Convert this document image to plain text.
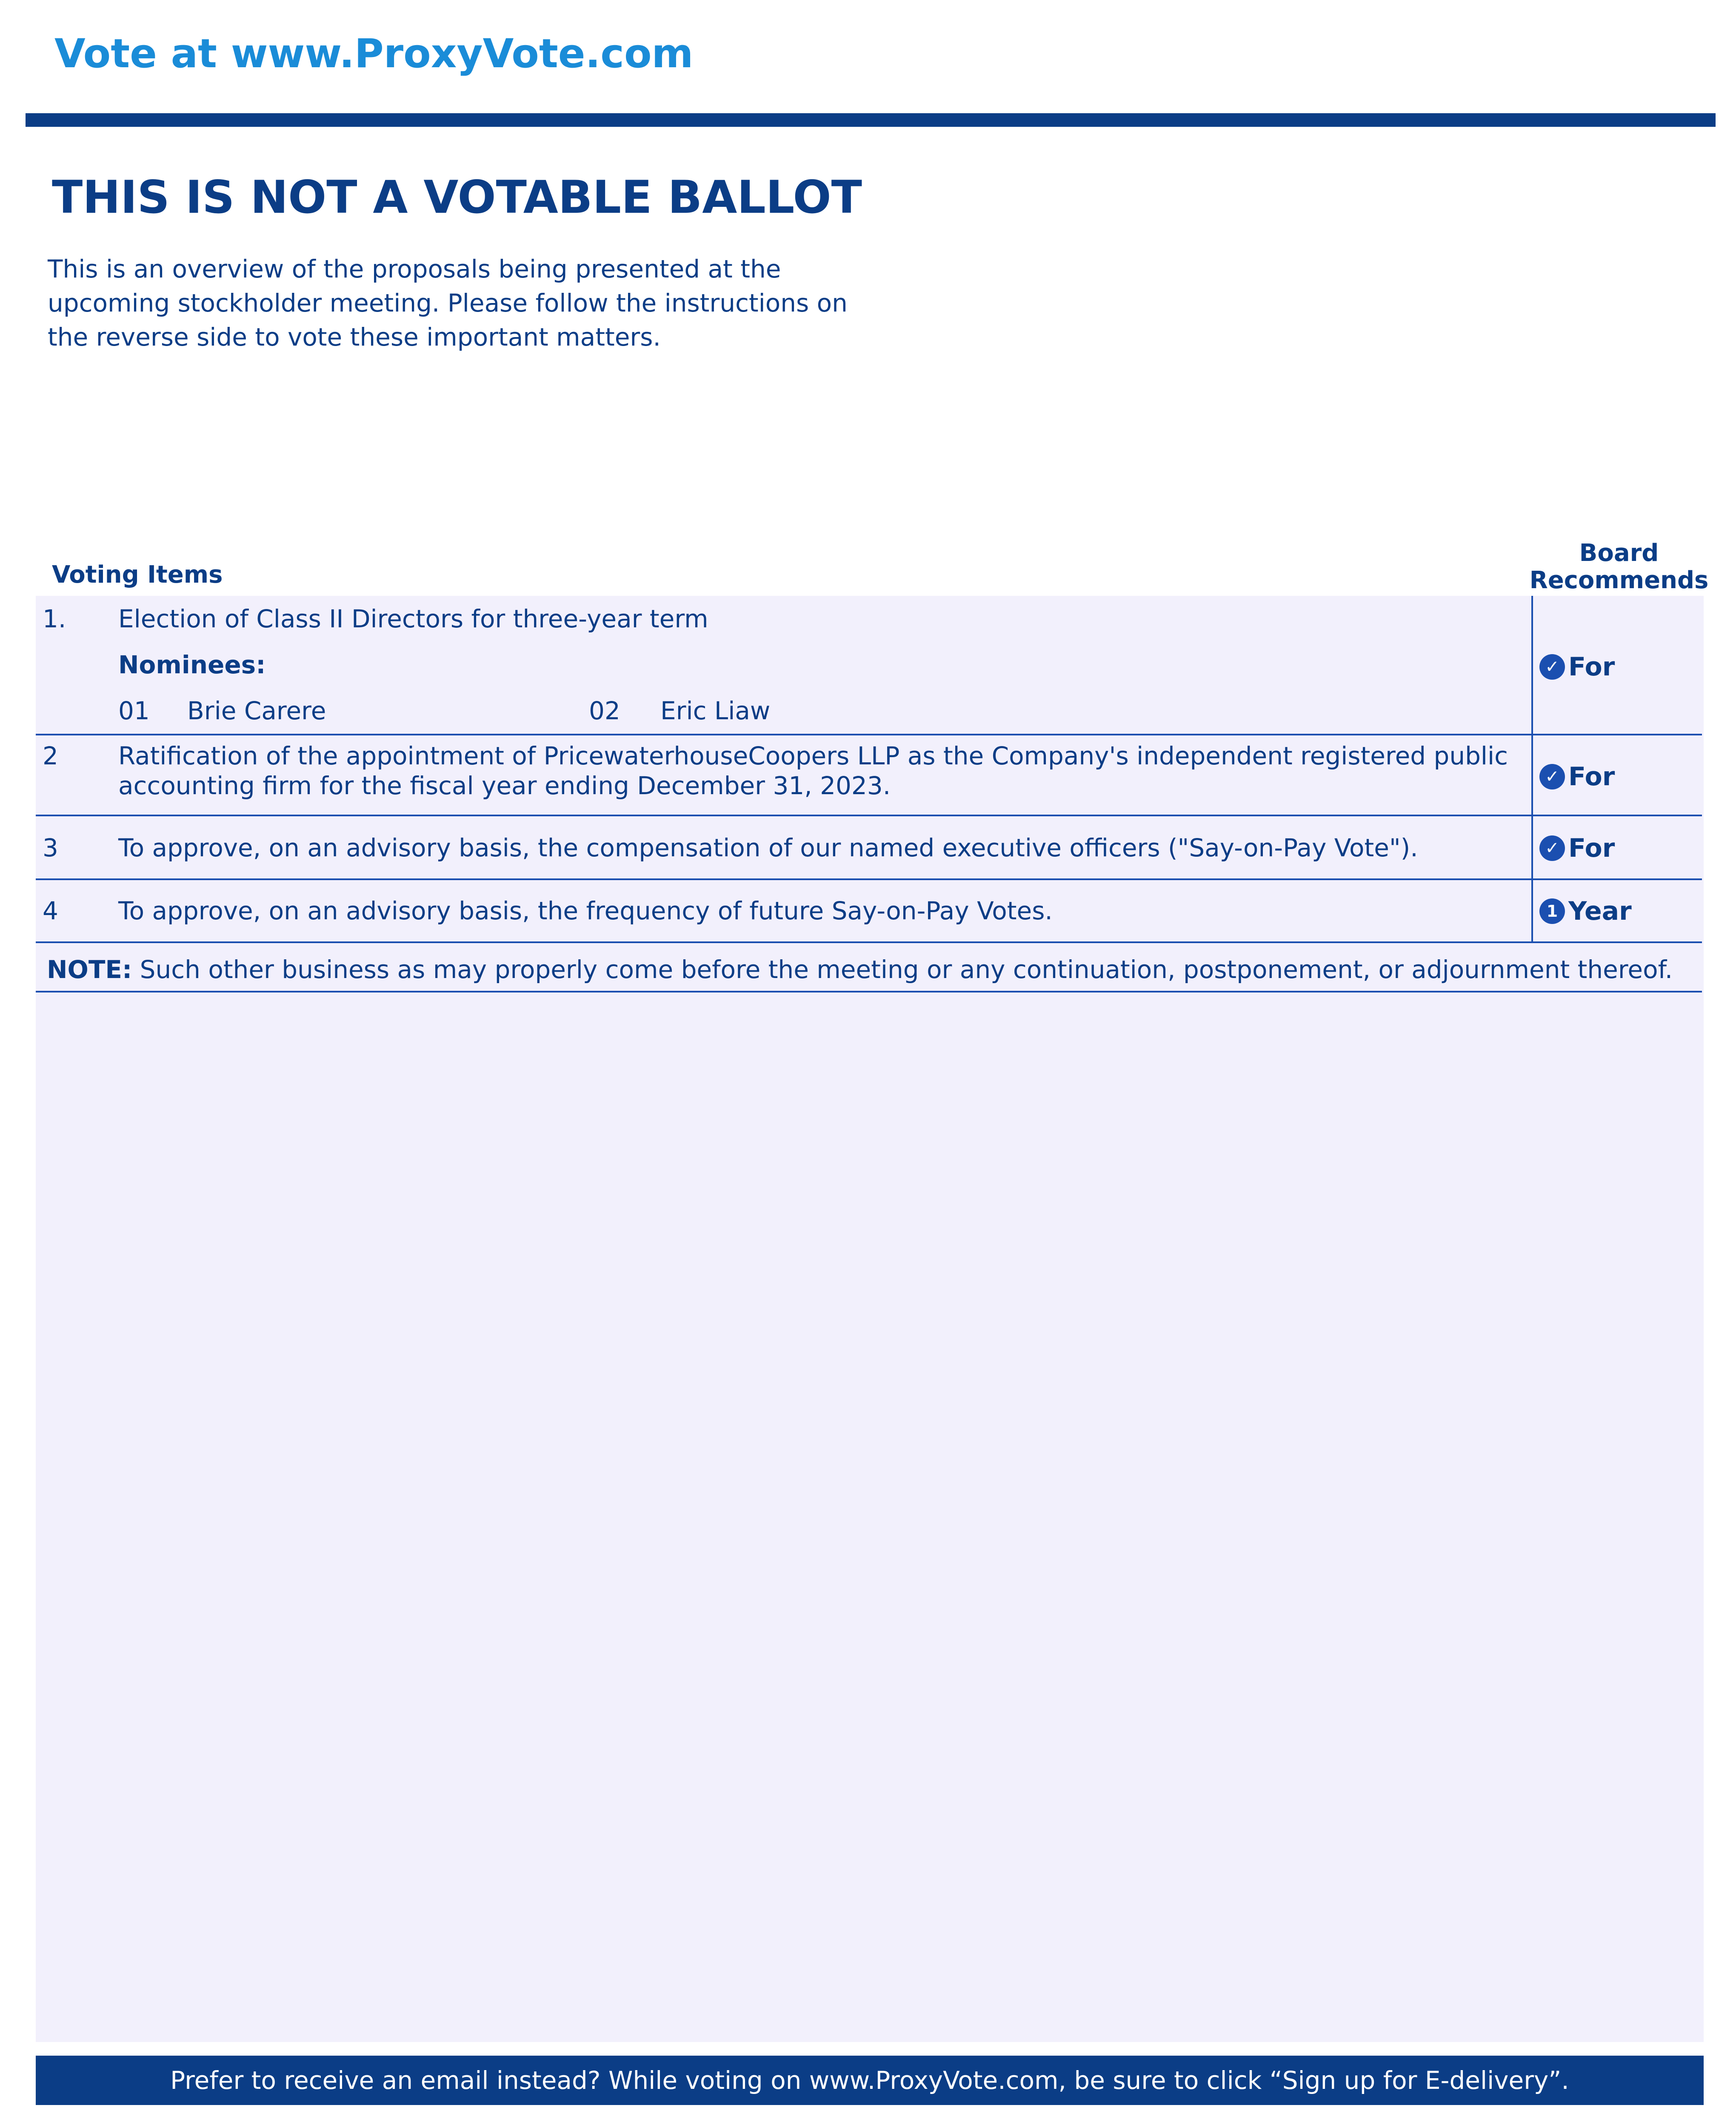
Vote at www.ProxyVote.com
THIS IS NOT A VOTABLE BALLOT
This is an overview of the proposals being presented at the
upcoming stockholder meeting. Please follow the instructions on
the reverse side to vote these important matters.
Voting Items
Board
Recommends
1. Election of Class II Directors for three-year term
Nominees:
01 Brie Carere	02 Eric Liaw
✓ For
2 Ratification of the appointment of PricewaterhouseCoopers LLP as the Company's independent registered public
accounting firm for the fiscal year ending December 31, 2023.	✓ For
3 To approve, on an advisory basis, the compensation of our named executive officers ("Say-on-Pay Vote").	✓ For
4 To approve, on an advisory basis, the frequency of future Say-on-Pay Votes.	1 Year
NOTE: Such other business as may properly come before the meeting or any continuation, postponement, or adjournment thereof.
Prefer to receive an email instead? While voting on www.ProxyVote.com, be sure to click “Sign up for E-delivery”.
